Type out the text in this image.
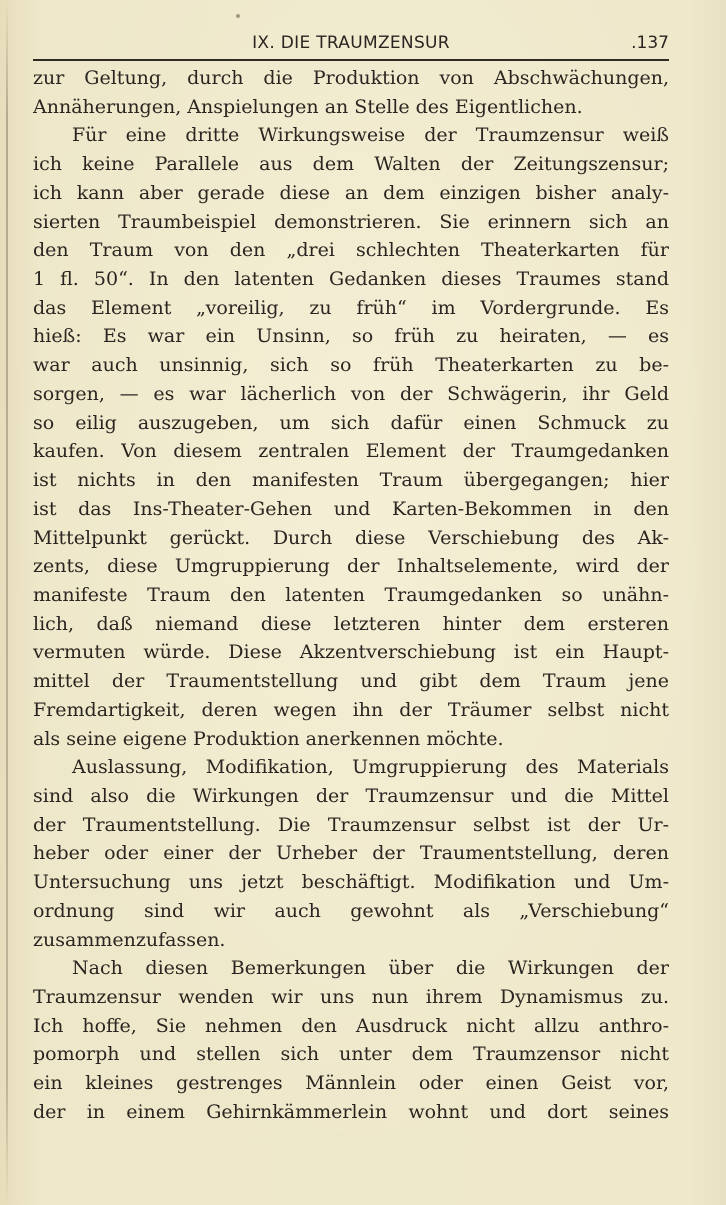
IX. DIE TRAUMZENSUR	.137
zur Geltung, durch die Produktion von Abschwächungen,
Annäherungen, Anspielungen an Stelle des Eigentlichen.
Für eine dritte Wirkungsweise der Traumzensur weiß
ich keine Parallele aus dem Walten der Zeitungszensur;
ich kann aber gerade diese an dem einzigen bisher analy-
sierten Traumbeispiel demonstrieren. Sie erinnern sich an
den Traum von den „drei schlechten Theaterkarten für
1 fl. 50“. In den latenten Gedanken dieses Traumes stand
das Element „voreilig, zu früh“ im Vordergrunde. Es
hieß: Es war ein Unsinn, so früh zu heiraten, — es
war auch unsinnig, sich so früh Theaterkarten zu be-
sorgen, — es war lächerlich von der Schwägerin, ihr Geld
so eilig auszugeben, um sich dafür einen Schmuck zu
kaufen. Von diesem zentralen Element der Traumgedanken
ist nichts in den manifesten Traum übergegangen; hier
ist das Ins-Theater-Gehen und Karten-Bekommen in den
Mittelpunkt gerückt. Durch diese Verschiebung des Ak-
zents, diese Umgruppierung der Inhaltselemente, wird der
manifeste Traum den latenten Traumgedanken so unähn-
lich, daß niemand diese letzteren hinter dem ersteren
vermuten würde. Diese Akzentverschiebung ist ein Haupt-
mittel der Traumentstellung und gibt dem Traum jene
Fremdartigkeit, deren wegen ihn der Träumer selbst nicht
als seine eigene Produktion anerkennen möchte.
Auslassung, Modifikation, Umgruppierung des Materials
sind also die Wirkungen der Traumzensur und die Mittel
der Traumentstellung. Die Traumzensur selbst ist der Ur-
heber oder einer der Urheber der Traumentstellung, deren
Untersuchung uns jetzt beschäftigt. Modifikation und Um-
ordnung sind wir auch gewohnt als „Verschiebung“
zusammenzufassen.
Nach diesen Bemerkungen über die Wirkungen der
Traumzensur wenden wir uns nun ihrem Dynamismus zu.
Ich hoffe, Sie nehmen den Ausdruck nicht allzu anthro-
pomorph und stellen sich unter dem Traumzensor nicht
ein kleines gestrenges Männlein oder einen Geist vor,
der in einem Gehirnkämmerlein wohnt und dort seines
